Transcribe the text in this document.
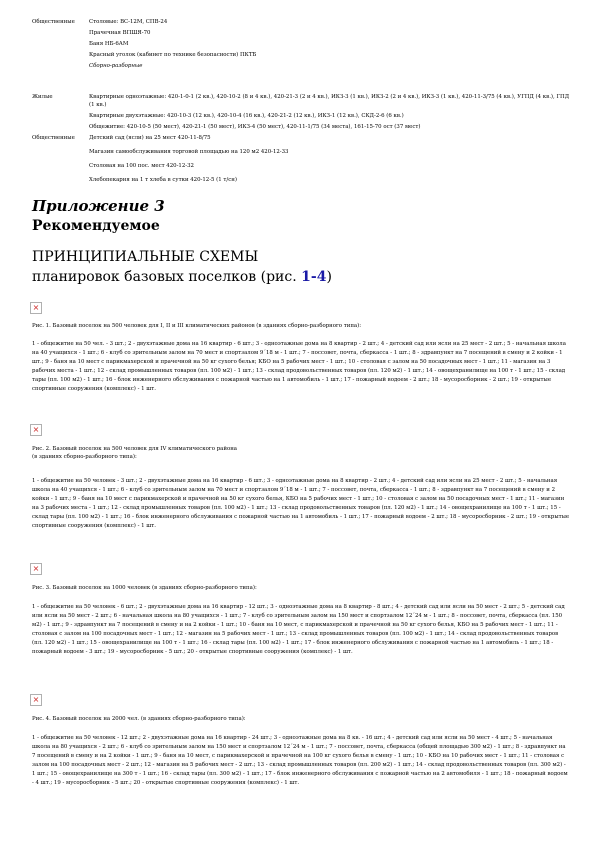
Общественные	Столовые: ВС-12М, СПВ-24
Прачечная ВПШЯ-70
Баня НБ-6АМ
Красный уголок (кабинет по технике безопасности) ПКТБ
Сборно-разборные
Жилые	Квартирные одноэтажные: 420-1-0-1 (2 кв.), 420-10-2 (8 и 4 кв.), 420-21-3 (2 и 4 кв.), ИКЗ-3 (1 кв.), ИКЗ-2 (2 и 4 кв.), ИКЗ-3 (1 кв.), 420-11-3/75 (4 кв.), УГПД (4 кв.), ГПД (1 кв.)
Квартирные двухэтажные: 420-10-3 (12 кв.), 420-10-4 (16 кв.), 420-21-2 (12 кв.), ИКЗ-1 (12 кв.), СКД-2-6 (6 кв.)
Общежитие: 420-10-5 (50 мест), 420-21-1 (50 мест), ИКЗ-4 (50 мест), 420-11-1/75 (34 места), 161-15-70 ост (37 мест)
Общественные	Детский сад (ясли) на 25 мест 420-11-8/75
Магазин самообслуживания торговой площадью на 120 м2 420-12-33
Столовая на 100 пос. мест 420-12-32
Хлебопекарня на 1 т хлеба в сутки 420-12-5 (1 т/сн)
Приложение 3
Рекомендуемое
ПРИНЦИПИАЛЬНЫЕ СХЕМЫ
планировок базовых поселков (рис. 1-4)
×
Рис. 1. Базовый поселок на 500 человек для I, II и III климатических районов (в зданиях сборно-разборного типа):
1 - общежитие на 50 чел. - 3 шт.; 2 - двухэтажные дома на 16 квартир - 6 шт.; 3 - одноэтажные дома на 8 квартир - 2 шт.; 4 - детский сад или ясли на 25 мест - 2 шт.; 5 - начальная школа на 40 учащихся - 1 шт.; 6 - клуб со зрительным залом на 70 мест и спортзалом 9´18 м - 1 шт.; 7 - поссовет, почта, сберкасса - 1 шт.; 8 - здравпункт на 7 посещений в смену и 2 койки - 1 шт.; 9 - баня на 10 мест с парикмахерской и прачечной на 50 кг сухого белья; КБО на 5 рабочих мест - 1 шт.; 10 - столовая с залом на 50 посадочных мест - 1 шт.; 11 - магазин на 3 рабочих места - 1 шт.; 12 - склад промышленных товаров (пл. 100 м2) - 1 шт.; 13 - склад продовольственных товаров (пл. 120 м2) - 1 шт.; 14 - овощехранилище на 100 т - 1 шт.; 15 - склад тары (пл. 100 м2) - 1 шт.; 16 - блок инженерного обслуживания с пожарной частью на 1 автомобиль - 1 шт.; 17 - пожарный водоем - 2 шт.; 18 - мусоросборник - 2 шт.; 19 - открытые спортивные сооружения (комплекс) - 1 шт.
×
Рис. 2. Базовый поселок на 500 человек для IV климатического района
(в зданиях сборно-разборного типа):
1 - общежитие на 50 человек - 3 шт.; 2 - двухэтажные дома на 16 квартир - 6 шт.; 3 - одноэтажные дома на 8 квартир - 2 шт.; 4 - детский сад или ясли на 25 мест - 2 шт.; 5 - начальная школа на 40 учащихся - 1 шт.; 6 - клуб со зрительным залом на 70 мест и спортзалом 9´18 м - 1 шт.; 7 - поссовет, почта, сберкасса - 1 шт.; 8 - здравпункт на 7 посещений в смену и 2 койки - 1 шт.; 9 - баня на 10 мест с парикмахерской и прачечной на 50 кг сухого белья, КБО на 5 рабочих мест - 1 шт.; 10 - столовая с залом на 50 посадочных мест - 1 шт.; 11 - магазин на 3 рабочих места - 1 шт.; 12 - склад промышленных товаров (пл. 100 м2) - 1 шт.; 13 - склад продовольственных товаров (пл. 120 м2) - 1 шт.; 14 - овощехранилище на 100 т - 1 шт.; 15 - склад тары (пл. 100 м2) - 1 шт.; 16 - блок инженерного обслуживания с пожарной частью на 1 автомобиль - 1 шт.; 17 - пожарный водоем - 2 шт.; 18 - мусоросборник - 2 шт.; 19 - открытые спортивные сооружения (комплекс) - 1 шт.
×
Рис. 3. Базовый поселок на 1000 человек (в зданиях сборно-разборного типа):
1 - общежитие на 50 человек - 6 шт.; 2 - двухэтажные дома на 16 квартир - 12 шт.; 3 - одноэтажные дома на 8 квартир - 8 шт.; 4 - детский сад или ясли на 50 мест - 2 шт.; 5 - детский сад или ясли на 50 мест - 2 шт.; 6 - начальная школа на 80 учащихся - 1 шт.; 7 - клуб со зрительным залом на 150 мест и спортзалом 12´24 м - 1 шт.; 8 - поссовет, почта, сберкасса (пл. 150 м2) - 1 шт.; 9 - здравпункт на 7 посещений в смену и на 2 койки - 1 шт.; 10 - баня на 10 мест, с парикмахерской и прачечной на 50 кг сухого белья, КБО на 5 рабочих мест - 1 шт.; 11 - столовая с залом на 100 посадочных мест - 1 шт.; 12 - магазин на 5 рабочих мест - 1 шт.; 13 - склад промышленных товаров (пл. 100 м2) - 1 шт.; 14 - склад продовольственных товаров (пл. 120 м2) - 1 шт.; 15 - овощехранилище на 100 т - 1 шт.; 16 - склад тары (пл. 100 м2) - 1 шт.; 17 - блок инженерного обслуживания с пожарной частью на 1 автомобиль - 1 шт.; 18 - пожарный водоем - 3 шт.; 19 - мусоросборник - 5 шт.; 20 - открытые спортивные сооружения (комплекс) - 1 шт.
×
Рис. 4. Базовый поселок на 2000 чел. (в зданиях сборно-разборного типа):
1 - общежитие на 50 человек - 12 шт.; 2 - двухэтажные дома на 16 квартир - 24 шт.; 3 - одноэтажные дома на 8 кв. - 16 шт.; 4 - детский сад или ясли на 50 мест - 4 шт.; 5 - начальная школа на 80 учащихся - 2 шт.; 6 - клуб со зрительным залом на 150 мест и спортзалом 12´24 м - 1 шт.; 7 - поссовет, почта, сберкасса (общей площадью 300 м2) - 1 шт.; 8 - здравпункт на 7 посещений в смену и на 2 койки - 1 шт.; 9 - баня на 10 мест, с парикмахерской и прачечной на 100 кг сухого белья в смену - 1 шт.; 10 - КБО на 10 рабочих мест - 1 шт.; 11 - столовая с залом на 100 посадочных мест - 2 шт.; 12 - магазин на 5 рабочих мест - 2 шт.; 13 - склад промышленных товаров (пл. 200 м2) - 1 шт.; 14 - склад продовольственных товаров (пл. 300 м2) - 1 шт.; 15 - овощехранилище на 300 т - 1 шт.; 16 - склад тары (пл. 300 м2) - 1 шт.; 17 - блок инженерного обслуживания с пожарной частью на 2 автомобиля - 1 шт.; 18 - пожарный водоем - 4 шт.; 19 - мусоросборник - 5 шт.; 20 - открытые спортивные сооружения (комплекс) - 1 шт.
